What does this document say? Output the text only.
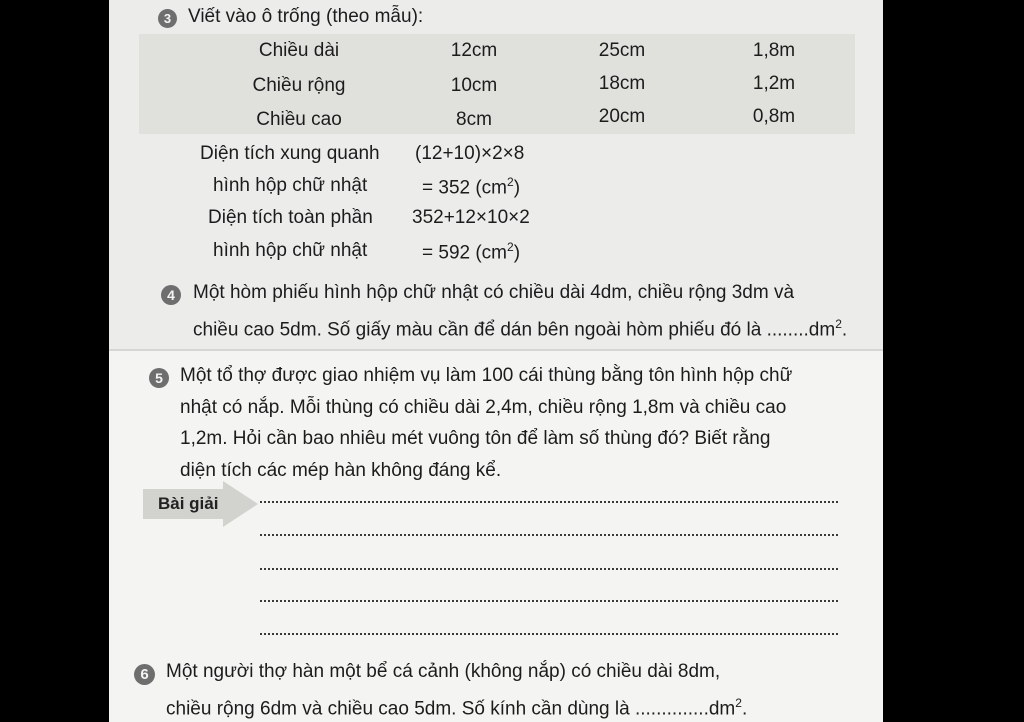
3 Viết vào ô trống (theo mẫu):
Chiều dài	12cm	25cm	1,8m
Chiều rộng	10cm	18cm	1,2m
Chiều cao	8cm	20cm	0,8m
Diện tích xung quanh (12+10)×2×8
hình hộp chữ nhật	= 352 $(cm^2)$
Diện tích toàn phần 352+12×10×2
hình hộp chữ nhật	= 592 $(cm^2)$
4 Một hòm phiếu hình hộp chữ nhật có chiều dài 4dm, chiều rộng 3dm và
chiều cao 5dm. Số giấy màu cần để dán bên ngoài hòm phiếu đó là $........dm^2$.
5 Một tổ thợ được giao nhiệm vụ làm 100 cái thùng bằng tôn hình hộp chữ
nhật có nắp. Mỗi thùng có chiều dài 2,4m, chiều rộng 1,8m và chiều cao
1,2m. Hỏi cần bao nhiêu mét vuông tôn để làm số thùng đó? Biết rằng
diện tích các mép hàn không đáng kể.
Bài giải
6 Một người thợ hàn một bể cá cảnh (không nắp) có chiều dài 8dm,
chiều rộng 6dm và chiều cao 5dm. Số kính cần dùng là $..............dm^2$.
